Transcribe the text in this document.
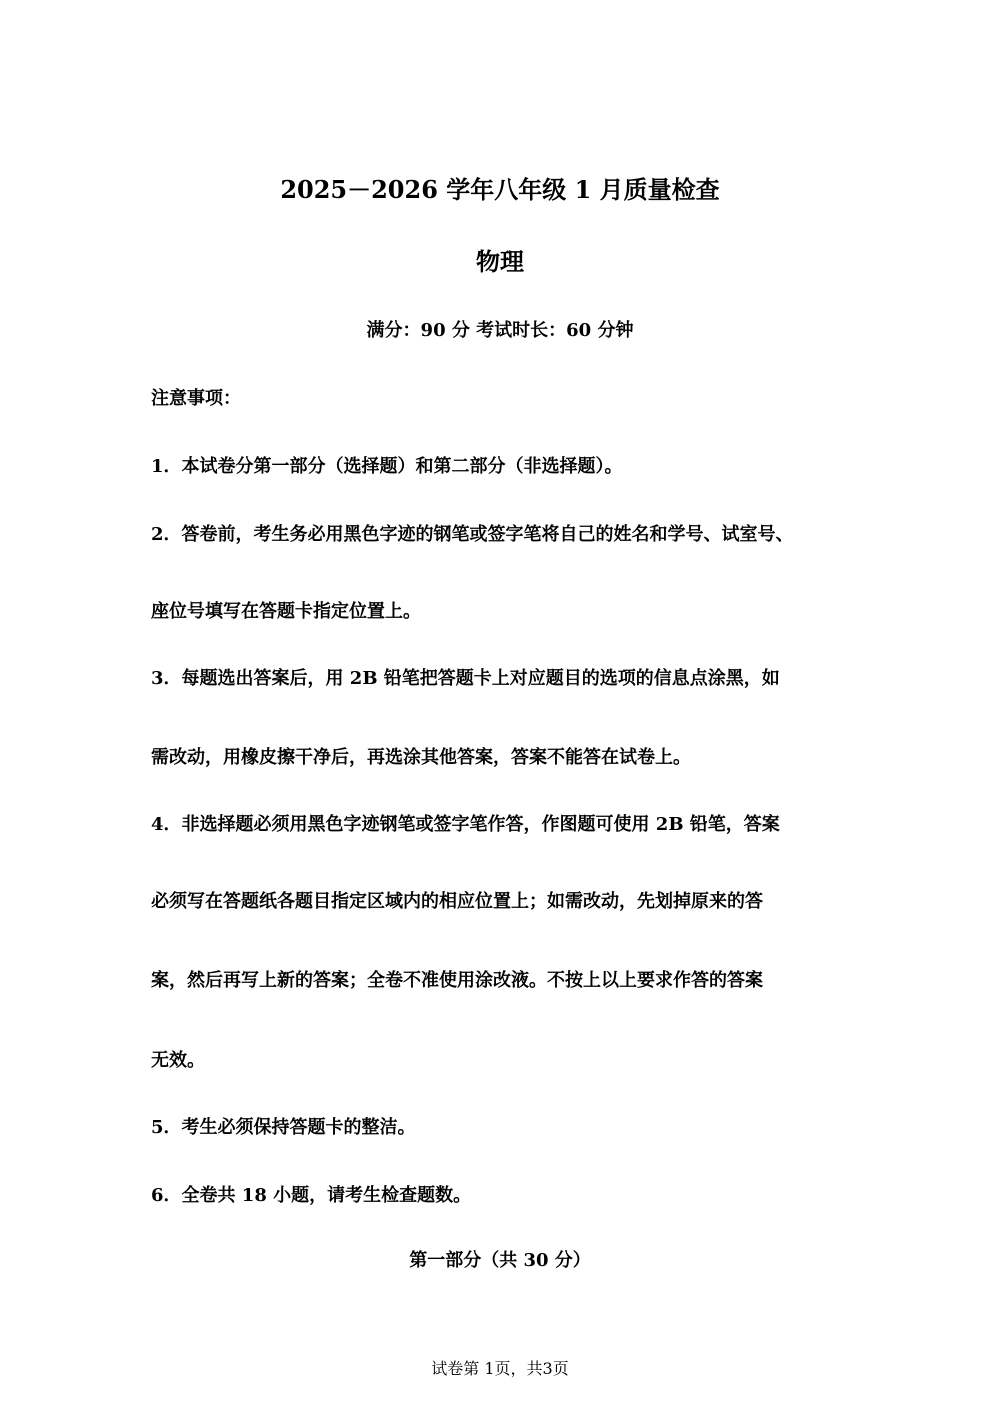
2025－2026 学年八年级 1 月质量检查
物理
满分：90 分 考试时长：60 分钟
注意事项：
1．本试卷分第一部分（选择题）和第二部分（非选择题）。
2．答卷前，考生务必用黑色字迹的钢笔或签字笔将自己的姓名和学号、试室号、
座位号填写在答题卡指定位置上。
3．每题选出答案后，用 2B 铅笔把答题卡上对应题目的选项的信息点涂黑，如
需改动，用橡皮擦干净后，再选涂其他答案，答案不能答在试卷上。
4．非选择题必须用黑色字迹钢笔或签字笔作答，作图题可使用 2B 铅笔，答案
必须写在答题纸各题目指定区域内的相应位置上；如需改动，先划掉原来的答
案，然后再写上新的答案；全卷不准使用涂改液。不按上以上要求作答的答案
无效。
5．考生必须保持答题卡的整洁。
6．全卷共 18 小题，请考生检查题数。
第一部分（共 30 分）
试卷第 1页，共3页
